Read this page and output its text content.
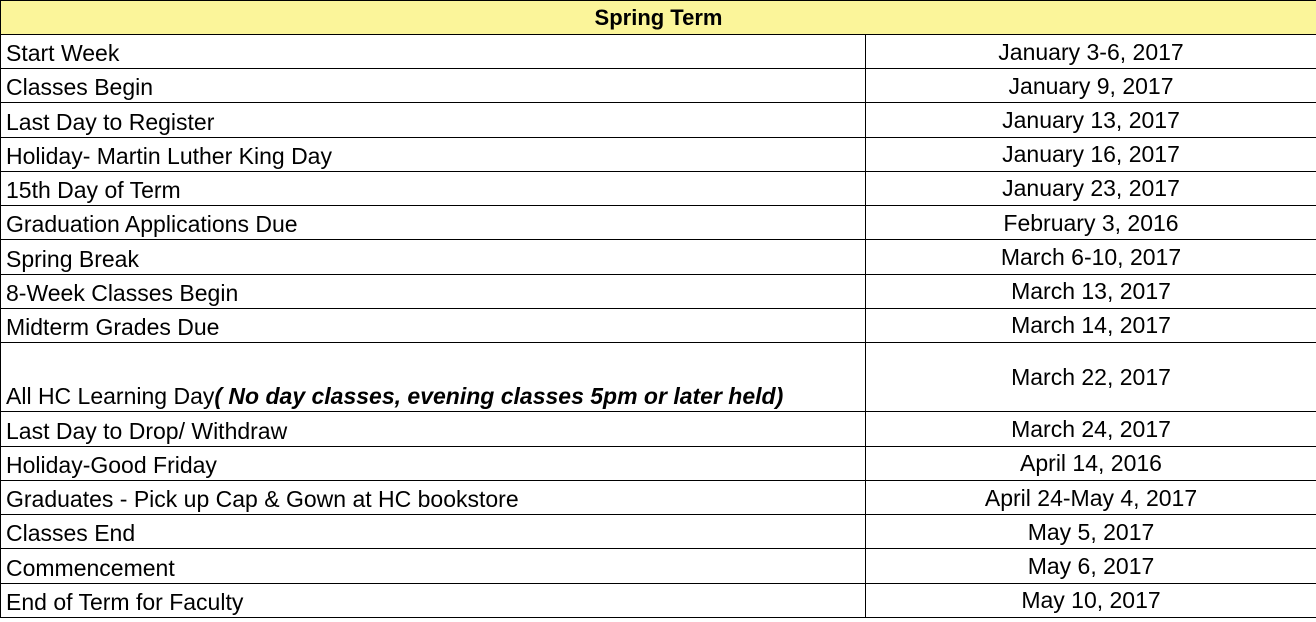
Spring Term	
Start Week	January 3-6, 2017
Classes Begin	January 9, 2017
Last Day to Register	January 13, 2017
Holiday- Martin Luther King Day	January 16, 2017
15th Day of Term	January 23, 2017
Graduation Applications Due	February 3, 2016
Spring Break	March 6-10, 2017
8-Week Classes Begin	March 13, 2017
Midterm Grades Due	March 14, 2017
All HC Learning Day( No day classes, evening classes 5pm or later held)	March 22, 2017
Last Day to Drop/ Withdraw	March 24, 2017
Holiday-Good Friday	April 14, 2016
Graduates - Pick up Cap & Gown at HC bookstore	April 24-May 4, 2017
Classes End	May 5, 2017
Commencement	May 6, 2017
End of Term for Faculty	May 10, 2017
